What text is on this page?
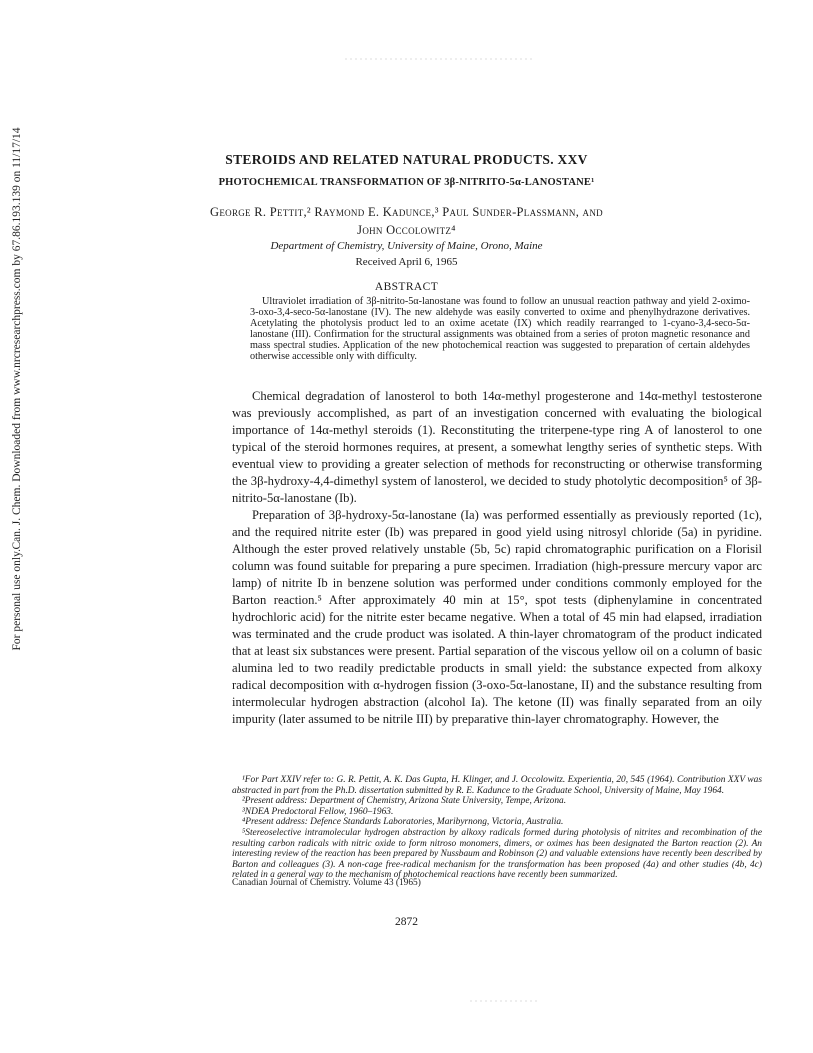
Can. J. Chem. Downloaded from www.nrcresearchpress.com by 67.86.193.139 on 11/17/14
For personal use only.
STEROIDS AND RELATED NATURAL PRODUCTS. XXV
PHOTOCHEMICAL TRANSFORMATION OF 3β-NITRITO-5α-LANOSTANE¹
George R. Pettit,² Raymond E. Kadunce,³ Paul Sunder-Plassmann, and
John Occolowitz⁴
Department of Chemistry, University of Maine, Orono, Maine
Received April 6, 1965
ABSTRACT
Ultraviolet irradiation of 3β-nitrito-5α-lanostane was found to follow an unusual reaction pathway and yield 2-oximo-3-oxo-3,4-seco-5α-lanostane (IV). The new aldehyde was easily converted to oxime and phenylhydrazone derivatives. Acetylating the photolysis product led to an oxime acetate (IX) which readily rearranged to 1-cyano-3,4-seco-5α-lanostane (III). Confirmation for the structural assignments was obtained from a series of proton magnetic resonance and mass spectral studies. Application of the new photochemical reaction was suggested to preparation of certain aldehydes otherwise accessible only with difficulty.

Chemical degradation of lanosterol to both 14α-methyl progesterone and 14α-methyl testosterone was previously accomplished, as part of an investigation concerned with evaluating the biological importance of 14α-methyl steroids (1). Reconstituting the triterpene-type ring A of lanosterol to one typical of the steroid hormones requires, at present, a somewhat lengthy series of synthetic steps. With eventual view to providing a greater selection of methods for reconstructing or otherwise transforming the 3β-hydroxy-4,4-dimethyl system of lanosterol, we decided to study photolytic decomposition⁵ of 3β-nitrito-5α-lanostane (Ib).

Preparation of 3β-hydroxy-5α-lanostane (Ia) was performed essentially as previously reported (1c), and the required nitrite ester (Ib) was prepared in good yield using nitrosyl chloride (5a) in pyridine. Although the ester proved relatively unstable (5b, 5c) rapid chromatographic purification on a Florisil column was found suitable for preparing a pure specimen. Irradiation (high-pressure mercury vapor arc lamp) of nitrite Ib in benzene solution was performed under conditions commonly employed for the Barton reaction.⁵ After approximately 40 min at 15°, spot tests (diphenylamine in concentrated hydrochloric acid) for the nitrite ester became negative. When a total of 45 min had elapsed, irradiation was terminated and the crude product was isolated. A thin-layer chromatogram of the product indicated that at least six substances were present. Partial separation of the viscous yellow oil on a column of basic alumina led to two readily predictable products in small yield: the substance expected from alkoxy radical decomposition with α-hydrogen fission (3-oxo-5α-lanostane, II) and the substance resulting from intermolecular hydrogen abstraction (alcohol Ia). The ketone (II) was finally separated from an oily impurity (later assumed to be nitrile III) by preparative thin-layer chromatography. However, the

¹For Part XXIV refer to: G. R. Pettit, A. K. Das Gupta, H. Klinger, and J. Occolowitz. Experientia, 20, 545 (1964). Contribution XXV was abstracted in part from the Ph.D. dissertation submitted by R. E. Kadunce to the Graduate School, University of Maine, May 1964.

²Present address: Department of Chemistry, Arizona State University, Tempe, Arizona.

³NDEA Predoctoral Fellow, 1960–1963.

⁴Present address: Defence Standards Laboratories, Maribyrnong, Victoria, Australia.

⁵Stereoselective intramolecular hydrogen abstraction by alkoxy radicals formed during photolysis of nitrites and recombination of the resulting carbon radicals with nitric oxide to form nitroso monomers, dimers, or oximes has been designated the Barton reaction (2). An interesting review of the reaction has been prepared by Nussbaum and Robinson (2) and valuable extensions have recently been described by Barton and colleagues (3). A non-cage free-radical mechanism for the transformation has been proposed (4a) and other studies (4b, 4c) related in a general way to the mechanism of photochemical reactions have recently been summarized.

Canadian Journal of Chemistry. Volume 43 (1965)
2872
